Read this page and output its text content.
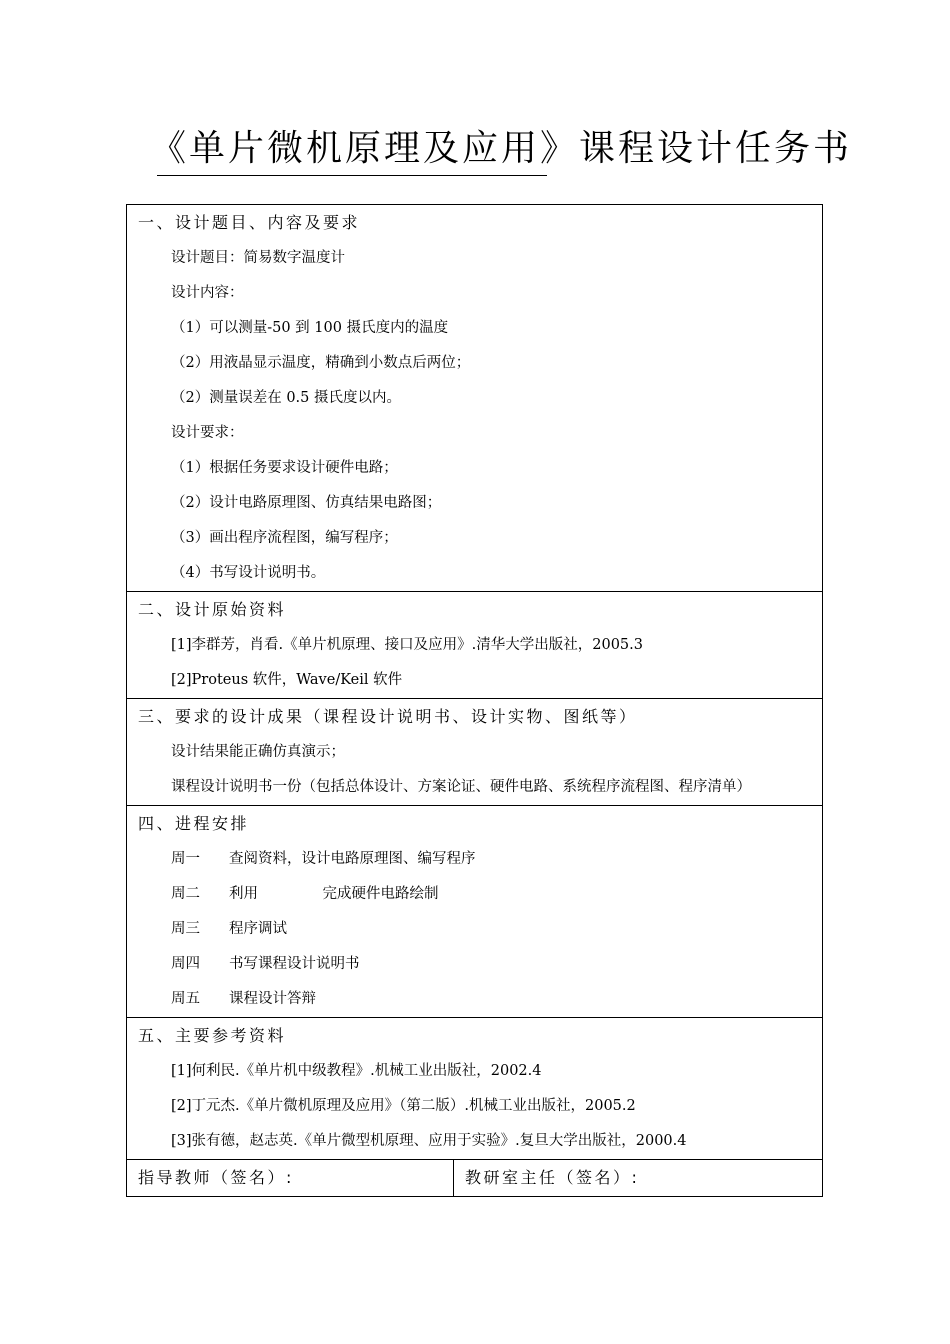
《单片微机原理及应用》课程设计任务书
一、设计题目、内容及要求
设计题目：简易数字温度计
设计内容：
（1）可以测量-50 到 100 摄氏度内的温度
（2）用液晶显示温度，精确到小数点后两位；
（2）测量误差在 0.5 摄氏度以内。
设计要求：
（1）根据任务要求设计硬件电路；
（2）设计电路原理图、仿真结果电路图；
（3）画出程序流程图，编写程序；
（4）书写设计说明书。
二、设计原始资料
[1]李群芳，肖看.《单片机原理、接口及应用》.清华大学出版社，2005.3
[2]Proteus 软件，Wave/Keil 软件
三、要求的设计成果（课程设计说明书、设计实物、图纸等）
设计结果能正确仿真演示；
课程设计说明书一份（包括总体设计、方案论证、硬件电路、系统程序流程图、程序清单）
四、进程安排
周一	查阅资料，设计电路原理图、编写程序
周二	利用              完成硬件电路绘制
周三	程序调试
周四	书写课程设计说明书
周五	课程设计答辩
五、主要参考资料
[1]何利民.《单片机中级教程》.机械工业出版社，2002.4
[2]丁元杰.《单片微机原理及应用》（第二版）.机械工业出版社，2005.2
[3]张有德，赵志英.《单片微型机原理、应用于实验》.复旦大学出版社，2000.4
指导教师（签名）:	教研室主任（签名）:
